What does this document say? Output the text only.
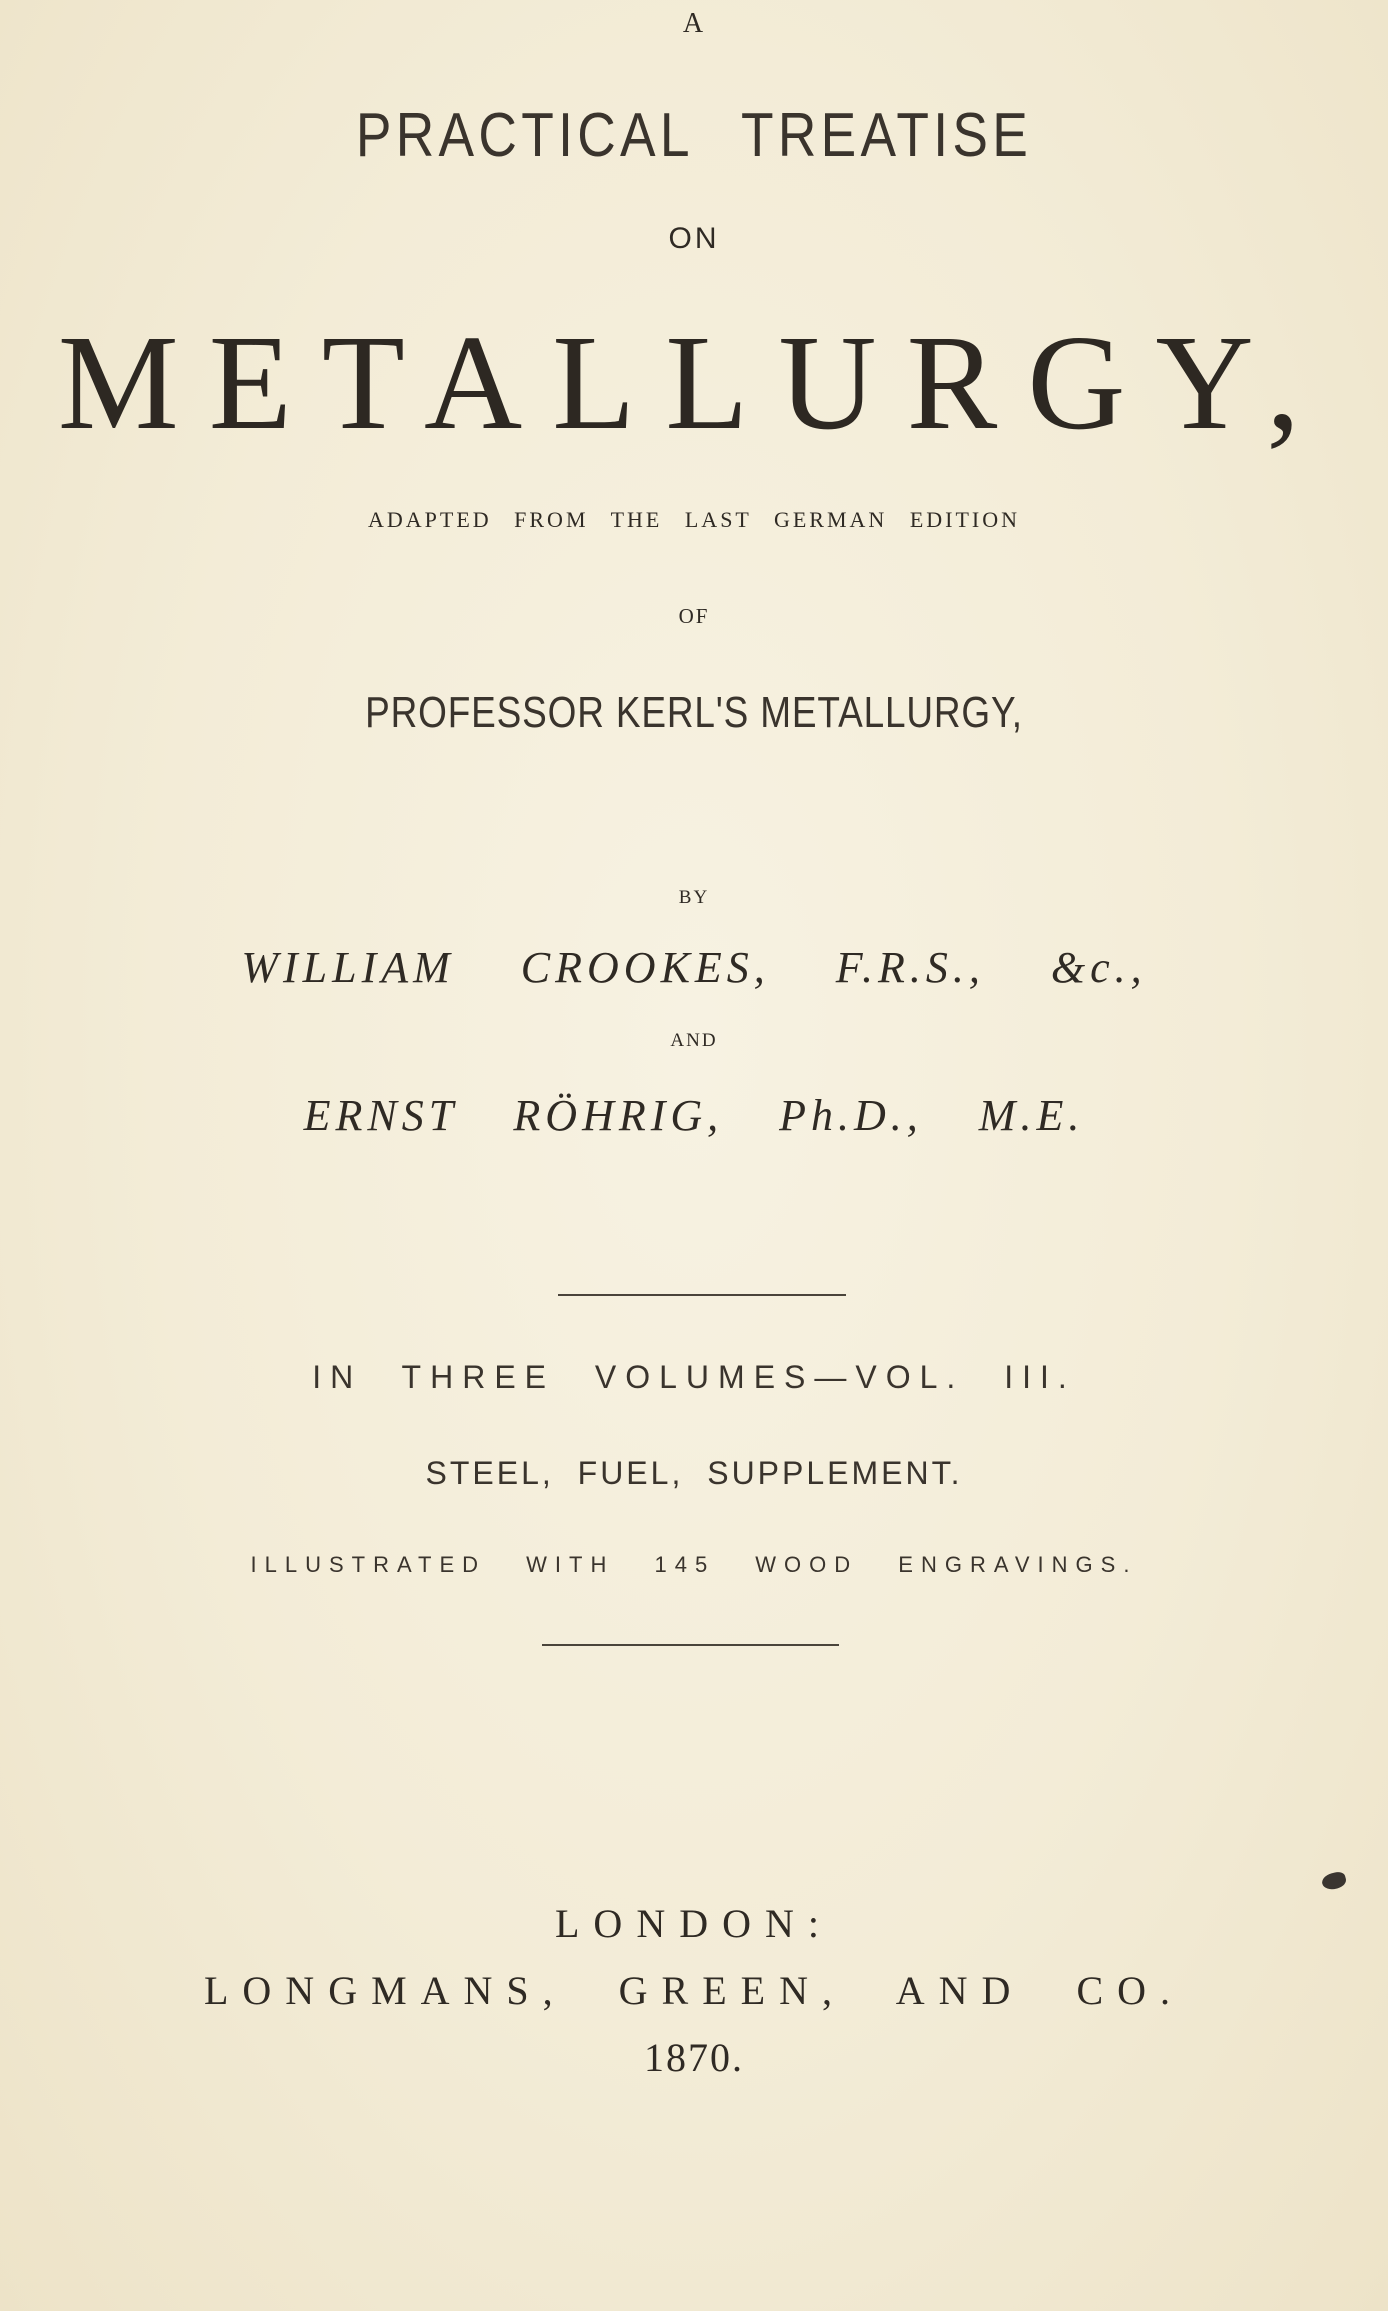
A
PRACTICAL TREATISE
ON
METALLURGY,
ADAPTED FROM THE LAST GERMAN EDITION
OF
PROFESSOR KERL'S METALLURGY,
BY
WILLIAM CROOKES, F.R.S., &c.,
AND
ERNST RÖHRIG, Ph.D., M.E.
IN THREE VOLUMES—VOL. III.
STEEL, FUEL, SUPPLEMENT.
ILLUSTRATED WITH 145 WOOD ENGRAVINGS.
LONDON:
LONGMANS, GREEN, AND CO.
1870.
